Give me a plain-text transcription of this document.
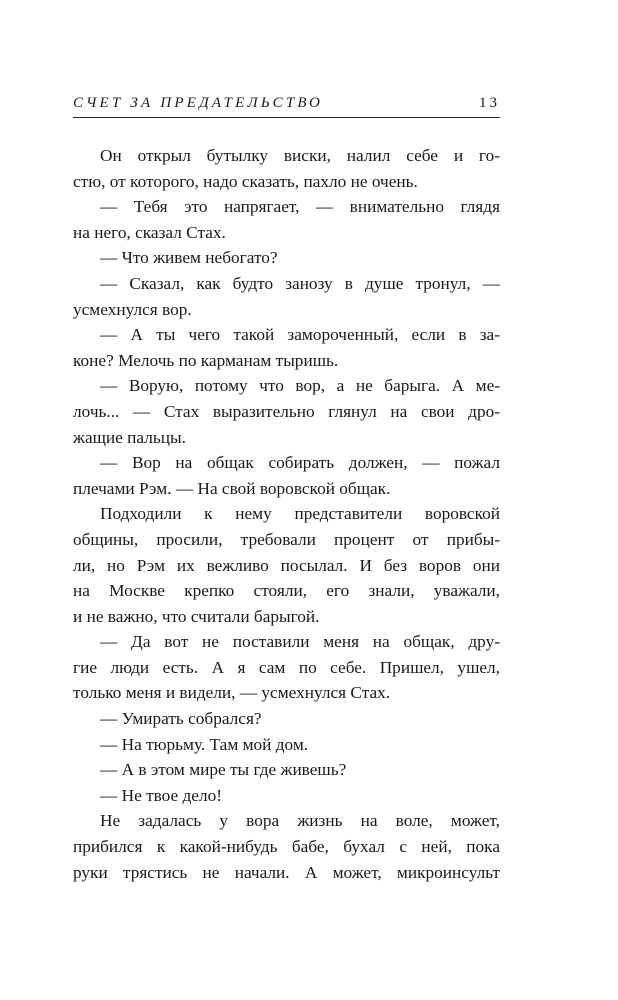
СЧЕТ ЗА ПРЕДАТЕЛЬСТВО	13
Он открыл бутылку виски, налил себе и го-
стю, от которого, надо сказать, пахло не очень.
— Тебя это напрягает, — внимательно глядя
на него, сказал Стах.
— Что живем небогато?
— Сказал, как будто занозу в душе тронул, —
усмехнулся вор.
— А ты чего такой замороченный, если в за-
коне? Мелочь по карманам тыришь.
— Ворую, потому что вор, а не барыга. А ме-
лочь... — Стах выразительно глянул на свои дро-
жащие пальцы.
— Вор на общак собирать должен, — пожал
плечами Рэм. — На свой воровской общак.
Подходили к нему представители воровской
общины, просили, требовали процент от прибы-
ли, но Рэм их вежливо посылал. И без воров они
на Москве крепко стояли, его знали, уважали,
и не важно, что считали барыгой.
— Да вот не поставили меня на общак, дру-
гие люди есть. А я сам по себе. Пришел, ушел,
только меня и видели, — усмехнулся Стах.
— Умирать собрался?
— На тюрьму. Там мой дом.
— А в этом мире ты где живешь?
— Не твое дело!
Не задалась у вора жизнь на воле, может,
прибился к какой-нибудь бабе, бухал с ней, пока
руки трястись не начали. А может, микроинсульт
